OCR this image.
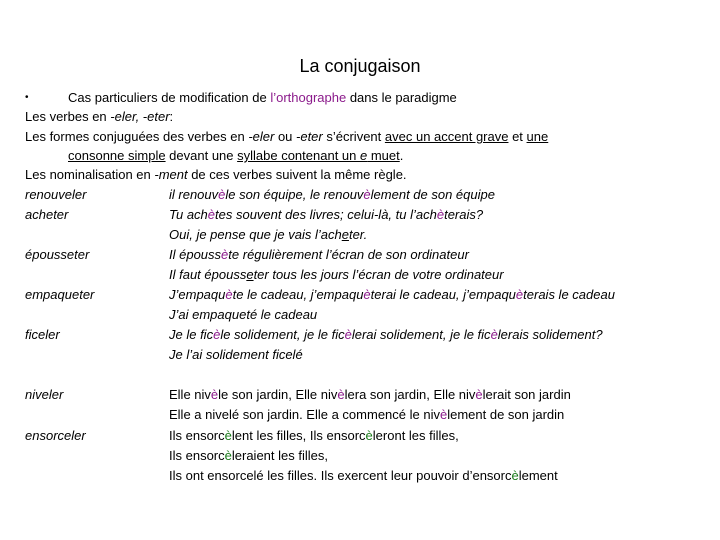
La conjugaison
•	Cas particuliers de modification de l’orthographe dans le paradigme
Les verbes en -eler, -eter:
Les formes conjuguées des verbes en -eler ou -eter s’écrivent avec un accent grave et une
consonne simple devant une syllabe contenant un e muet.
Les nominalisation en -ment de ces verbes suivent la même règle.
renouveler	il renouvèle son équipe, le renouvèlement de son équipe
acheter	Tu achètes souvent des livres; celui-là, tu l’achèterais?
Oui, je pense que je vais l’acheter.
épousseter	Il époussète régulièrement l’écran de son ordinateur
Il faut épousseter tous les jours l’écran de votre ordinateur
empaqueter	J’empaquète le cadeau, j’empaquèterai le cadeau, j’empaquèterais le cadeau
J’ai empaqueté le cadeau
ficeler	Je le ficèle solidement, je le ficèlerai solidement, je le ficèlerais solidement?
Je l’ai solidement ficelé
niveler	Elle nivèle son jardin, Elle nivèlera son jardin, Elle nivèlerait son jardin
Elle a nivelé son jardin. Elle a commencé le nivèlement de son jardin
ensorceler	Ils ensorcèlent les filles, Ils ensorcèleront les filles,
Ils ensorcèleraient les filles,
Ils ont ensorcelé les filles. Ils exercent leur pouvoir d’ensorcèlement
